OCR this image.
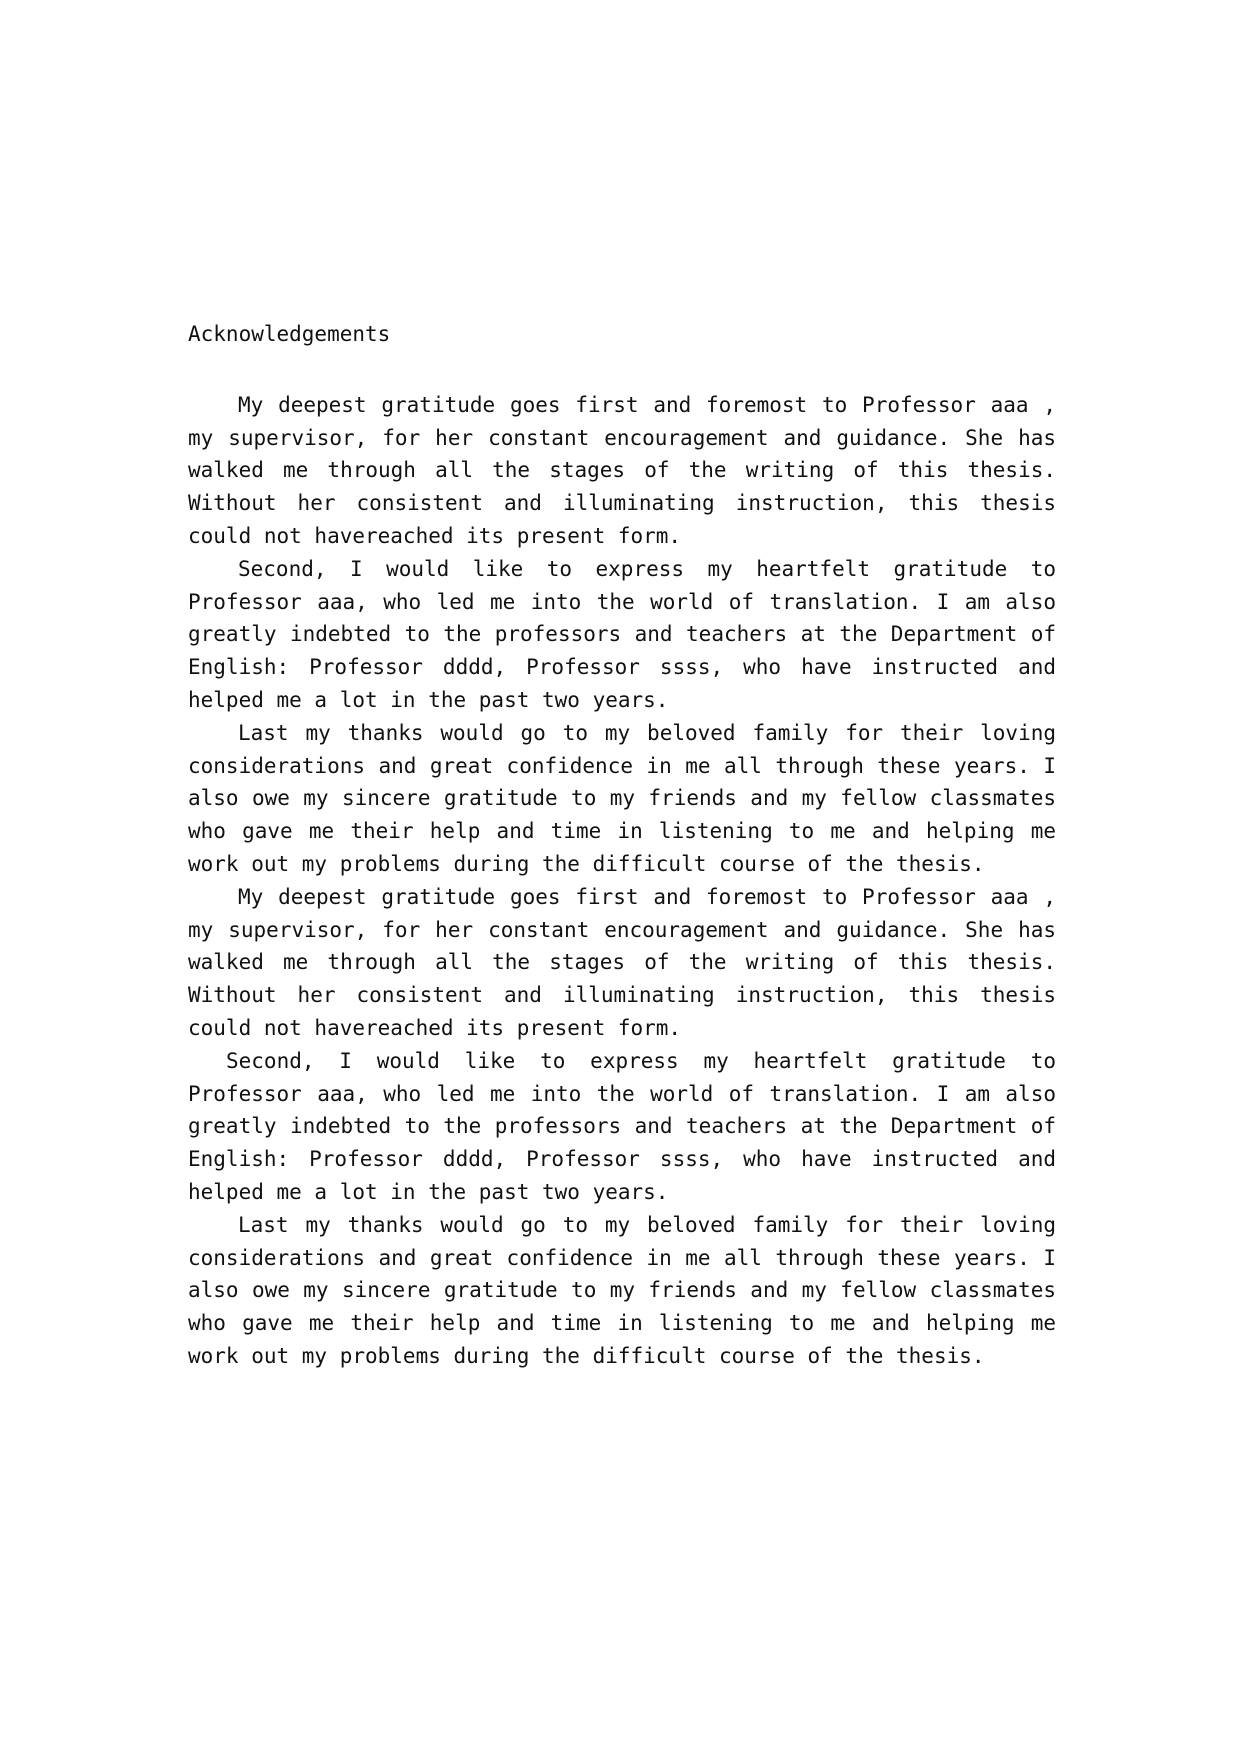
Acknowledgements

My deepest gratitude goes first and foremost to Professor aaa , my supervisor, for her constant encouragement and guidance. She has walked me through all the stages of the writing of this thesis. Without her consistent and illuminating instruction, this thesis could not havereached its present form.

Second, I would like to express my heartfelt gratitude to Professor aaa, who led me into the world of translation. I am also greatly indebted to the professors and teachers at the Department of English: Professor dddd, Professor ssss, who have instructed and helped me a lot in the past two years.

Last my thanks would go to my beloved family for their loving considerations and great confidence in me all through these years. I also owe my sincere gratitude to my friends and my fellow classmates who gave me their help and time in listening to me and helping me work out my problems during the difficult course of the thesis.

My deepest gratitude goes first and foremost to Professor aaa , my supervisor, for her constant encouragement and guidance. She has walked me through all the stages of the writing of this thesis. Without her consistent and illuminating instruction, this thesis could not havereached its present form.

Second, I would like to express my heartfelt gratitude to Professor aaa, who led me into the world of translation. I am also greatly indebted to the professors and teachers at the Department of English: Professor dddd, Professor ssss, who have instructed and helped me a lot in the past two years.

Last my thanks would go to my beloved family for their loving considerations and great confidence in me all through these years. I also owe my sincere gratitude to my friends and my fellow classmates who gave me their help and time in listening to me and helping me work out my problems during the difficult course of the thesis.
